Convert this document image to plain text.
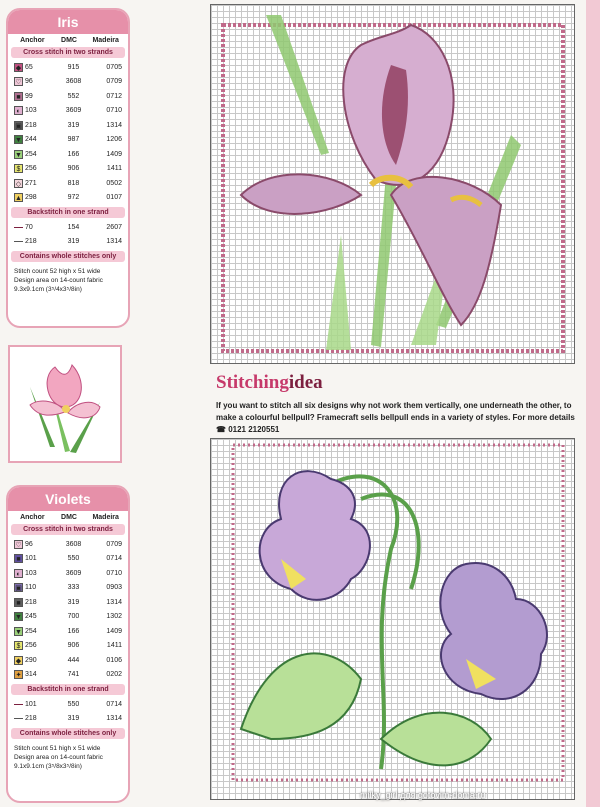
Iris
Anchor	DMC	Madeira
Cross stitch in two strands
◆ 65	915	0705
♡ 96	3608	0709
■ 99	552	0712
◐ 103	3609	0710
▣ 218	319	1314
▼ 244	987	1206
▼ 254	166	1409
$ 256	906	1411
◇ 271	818	0502
▲ 298	972	0107
Backstitch in one strand
70	154	2607
218	319	1314
Contains whole stitches only
Stitch count 52 high x 51 wide
Design area on 14-count fabric
9.3x9.1cm (3⁵/4x3⁵/8in)
Violets
Anchor	DMC	Madeira
Cross stitch in two strands
♡ 96	3608	0709
■ 101	550	0714
◐ 103	3609	0710
▣ 110	333	0903
■ 218	319	1314
▼ 245	700	1302
▼ 254	166	1409
$ 256	906	1411
◆ 290	444	0106
✦ 314	741	0202
Backstitch in one strand
101	550	0714
218	319	1314
Contains whole stitches only
Stitch count 51 high x 51 wide
Design area on 14-count fabric
9.1x9.1cm (3⁵/8x3⁵/8in)
Stitchingidea
If you want to stitch all six designs why not work them vertically, one underneath the other, to make a colourful bellpull? Framecraft sells bellpull ends in a variety of styles. For more details ☎ 0121 2120551
milky_girl для gotovim-doma.ru
